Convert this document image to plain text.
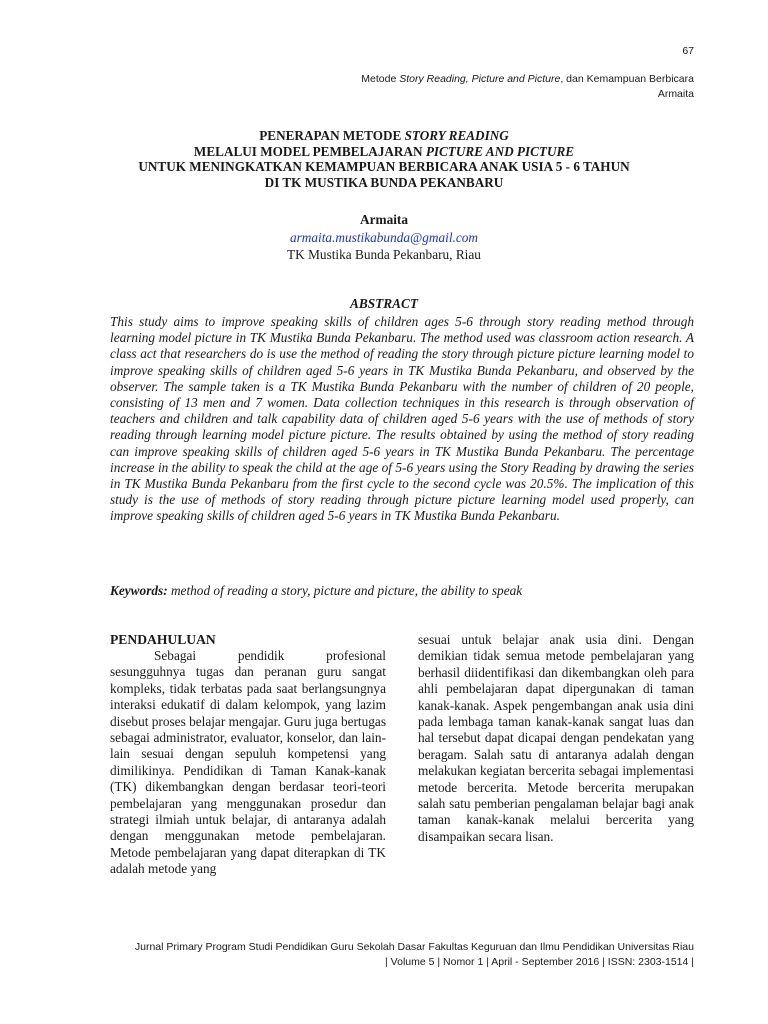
67
Metode Story Reading, Picture and Picture, dan Kemampuan Berbicara
Armaita
PENERAPAN METODE STORY READING
MELALUI MODEL PEMBELAJARAN PICTURE AND PICTURE
UNTUK MENINGKATKAN KEMAMPUAN BERBICARA ANAK USIA 5 - 6 TAHUN
DI TK MUSTIKA BUNDA PEKANBARU
Armaita
armaita.mustikabunda@gmail.com
TK Mustika Bunda Pekanbaru, Riau
ABSTRACT
This study aims to improve speaking skills of children ages 5-6 through story reading method through learning model picture in TK Mustika Bunda Pekanbaru. The method used was classroom action research. A class act that researchers do is use the method of reading the story through picture picture learning model to improve speaking skills of children aged 5-6 years in TK Mustika Bunda Pekanbaru, and observed by the observer. The sample taken is a TK Mustika Bunda Pekanbaru with the number of children of 20 people, consisting of 13 men and 7 women. Data collection techniques in this research is through observation of teachers and children and talk capability data of children aged 5-6 years with the use of methods of story reading through learning model picture picture. The results obtained by using the method of story reading can improve speaking skills of children aged 5-6 years in TK Mustika Bunda Pekanbaru. The percentage increase in the ability to speak the child at the age of 5-6 years using the Story Reading by drawing the series in TK Mustika Bunda Pekanbaru from the first cycle to the second cycle was 20.5%. The implication of this study is the use of methods of story reading through picture picture learning model used properly, can improve speaking skills of children aged 5-6 years in TK Mustika Bunda Pekanbaru.
Keywords: method of reading a story, picture and picture, the ability to speak

PENDAHULUAN

Sebagai pendidik profesional sesungguhnya tugas dan peranan guru sangat kompleks, tidak terbatas pada saat berlangsungnya interaksi edukatif di dalam kelompok, yang lazim disebut proses belajar mengajar. Guru juga bertugas sebagai administrator, evaluator, konselor, dan lain-lain sesuai dengan sepuluh kompetensi yang dimilikinya. Pendidikan di Taman Kanak-kanak (TK) dikembangkan dengan berdasar teori-teori pembelajaran yang menggunakan prosedur dan strategi ilmiah untuk belajar, di antaranya adalah dengan menggunakan metode pembelajaran. Metode pembelajaran yang dapat diterapkan di TK adalah metode yang

sesuai untuk belajar anak usia dini. Dengan demikian tidak semua metode pembelajaran yang berhasil diidentifikasi dan dikembangkan oleh para ahli pembelajaran dapat dipergunakan di taman kanak-kanak. Aspek pengembangan anak usia dini pada lembaga taman kanak-kanak sangat luas dan hal tersebut dapat dicapai dengan pendekatan yang beragam. Salah satu di antaranya adalah dengan melakukan kegiatan bercerita sebagai implementasi metode bercerita. Metode bercerita merupakan salah satu pemberian pengalaman belajar bagi anak taman kanak-kanak melalui bercerita yang disampaikan secara lisan.

Jurnal Primary Program Studi Pendidikan Guru Sekolah Dasar Fakultas Keguruan dan Ilmu Pendidikan Universitas Riau
| Volume 5 | Nomor 1 | April - September 2016 | ISSN: 2303-1514 |
